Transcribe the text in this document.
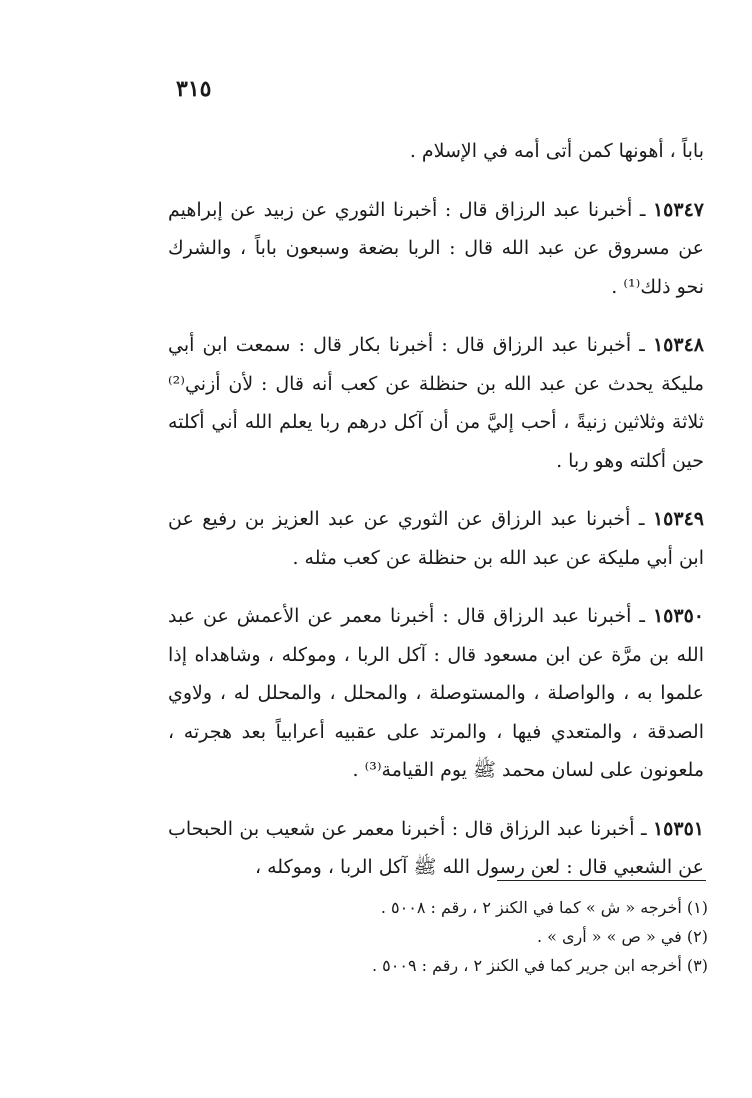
٣١٥

باباً ، أهونها كمن أتى أمه في الإسلام .

١٥٣٤٧ ـ أخبرنا عبد الرزاق قال : أخبرنا الثوري عن زبيد عن إبراهيم عن مسروق عن عبد الله قال : الربا بضعة وسبعون باباً ، والشرك نحو ذلك⁽¹⁾ .

١٥٣٤٨ ـ أخبرنا عبد الرزاق قال : أخبرنا بكار قال : سمعت ابن أبي مليكة يحدث عن عبد الله بن حنظلة عن كعب أنه قال : لأن أزني⁽²⁾ ثلاثة وثلاثين زنيةً ، أحب إليَّ من أن آكل درهم ربا يعلم الله أني أكلته حين أكلته وهو ربا .

١٥٣٤٩ ـ أخبرنا عبد الرزاق عن الثوري عن عبد العزيز بن رفيع عن ابن أبي مليكة عن عبد الله بن حنظلة عن كعب مثله .

١٥٣٥٠ ـ أخبرنا عبد الرزاق قال : أخبرنا معمر عن الأعمش عن عبد الله بن مرَّة عن ابن مسعود قال : آكل الربا ، وموكله ، وشاهداه إذا علموا به ، والواصلة ، والمستوصلة ، والمحلل ، والمحلل له ، ولاوي الصدقة ، والمتعدي فيها ، والمرتد على عقبيه أعرابياً بعد هجرته ، ملعونون على لسان محمد ﷺ يوم القيامة⁽³⁾ .

١٥٣٥١ ـ أخبرنا عبد الرزاق قال : أخبرنا معمر عن شعيب بن الحبحاب عن الشعبي قال : لعن رسول الله ﷺ آكل الربا ، وموكله ،

(١) أخرجه « ش » كما في الكنز ٢ ، رقم : ٥٠٠٨ .

(٢) في « ص » « أرى » .

(٣) أخرجه ابن جرير كما في الكنز ٢ ، رقم : ٥٠٠٩ .
